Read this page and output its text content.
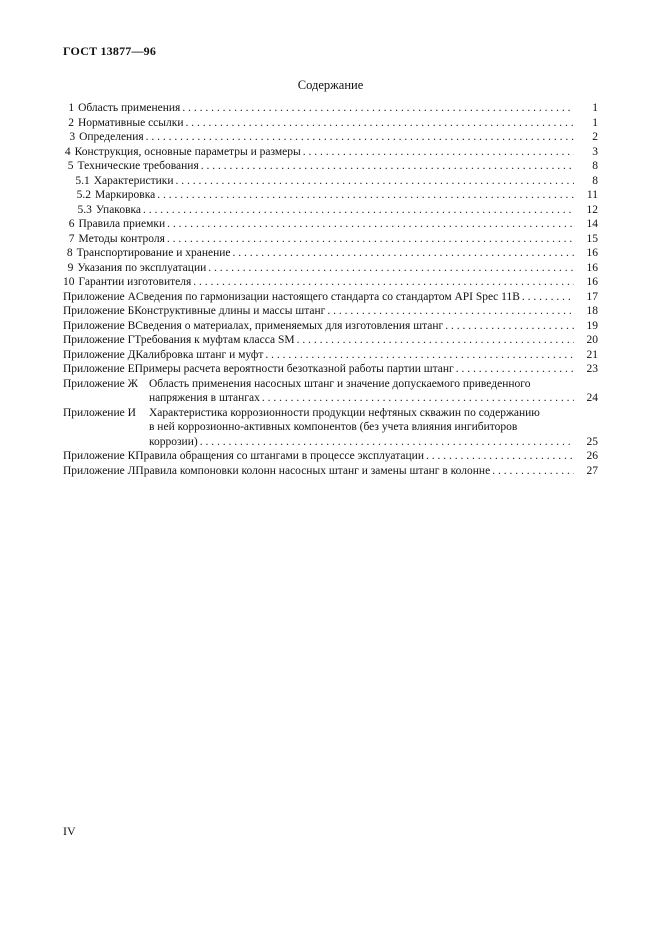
ГОСТ 13877—96
Содержание
1 Область применения . . .	1
2 Нормативные ссылки . . .	1
3 Определения . . .	2
4 Конструкция, основные параметры и размеры . . .	3
5 Технические требования . . .	8
5.1 Характеристики . . .	8
5.2 Маркировка . . .	11
5.3 Упаковка . . .	12
6 Правила приемки . . .	14
7 Методы контроля . . .	15
8 Транспортирование и хранение . . .	16
9 Указания по эксплуатации . . .	16
10 Гарантии изготовителя . . .	16
Приложение А Сведения по гармонизации настоящего стандарта со стандартом API Spec 11B . . .	17
Приложение Б Конструктивные длины и массы штанг . . .	18
Приложение В Сведения о материалах, применяемых для изготовления штанг . . .	19
Приложение Г Требования к муфтам класса SM . . .	20
Приложение Д Калибровка штанг и муфт . . .	21
Приложение Е Примеры расчета вероятности безотказной работы партии штанг . . .	23
Приложение Ж Область применения насосных штанг и значение допускаемого приведенного
напряжения в штангах . . .	24
Приложение И	Характеристика коррозионности продукции нефтяных скважин по содержанию
в ней коррозионно-активных компонентов (без учета влияния ингибиторов
коррозии) . . .	25
Приложение К Правила обращения со штангами в процессе эксплуатации . . .	26
Приложение Л Правила компоновки колонн насосных штанг и замены штанг в колонне . . .	27
IV
